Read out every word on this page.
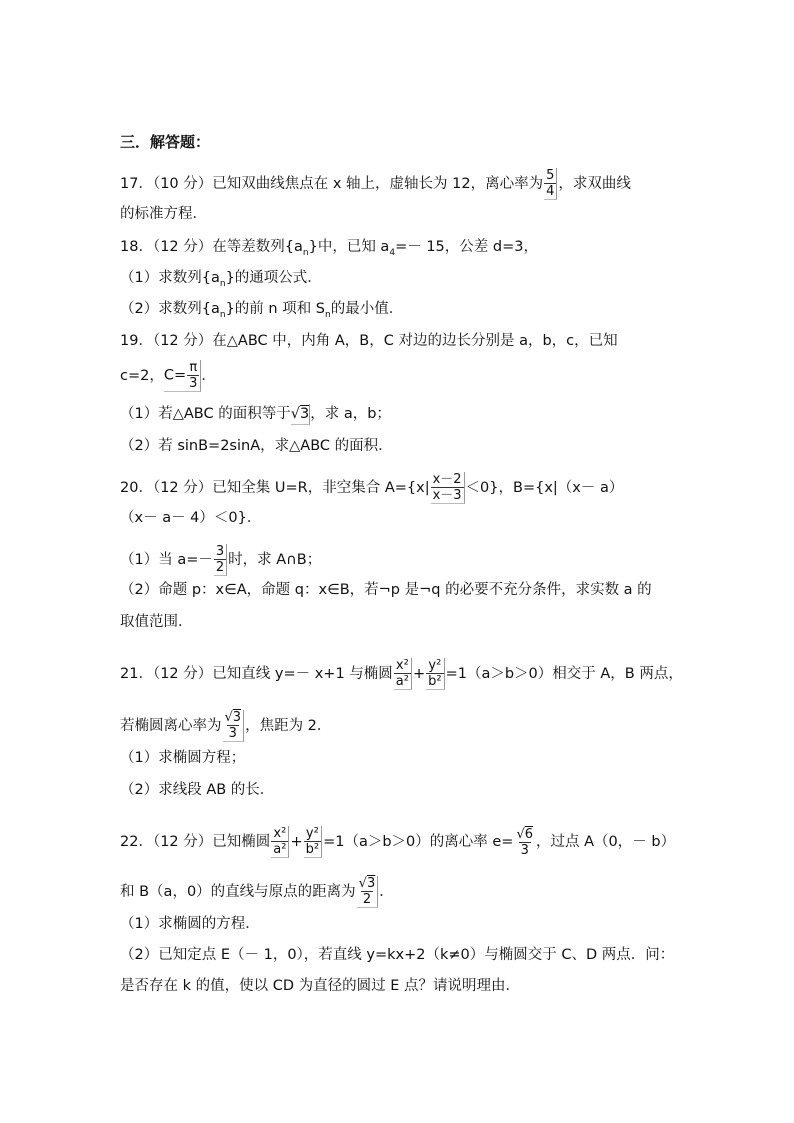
三．解答题：
17．（10 分）已知双曲线焦点在 x 轴上，虚轴长为 12，离心率为 $\frac{5}{4}$ ，求双曲线
的标准方程．
18．（12 分）在等差数列$\{a_n\}$中，已知 $a_4=- 15$，公差 d=3，
（1）求数列$\{a_n\}$的通项公式．
（2）求数列$\{a_n\}$的前 n 项和 $S_n$的最小值．
19．（12 分）在△ABC 中，内角 A，B，C 对边的边长分别是 a，b，c，已知
c=2，$C= \frac{\pi}{3}$ ．
（1）若△ABC 的面积等于√3，求 a，b；
（2）若 sinB=2sinA，求△ABC 的面积．
20．（12 分）已知全集 U=R，非空集合 $A=\{x| \frac{x-2}{x-3} <0\}$，B={x|（x－ a）
（x－ a－ 4）＜0}．
（1）当 $a=- \frac{3}{2}$ 时，求 A∩B；
（2）命题 p：x∈A，命题 q：x∈B，若¬p 是¬q 的必要不充分条件，求实数 a 的
取值范围．
21．（12 分）已知直线 y=－ x+1 与椭圆 $\frac{\text{x²}}{\text{a²}} + \frac{\text{y²}}{\text{b²}} =1(a>b>0)$相交于 A，B 两点，
若椭圆离心率为 $\frac{√3}{3}$ ，焦距为 2．
（1）求椭圆方程；
（2）求线段 AB 的长．
22．（12 分）已知椭圆 $\frac{\text{x²}}{\text{a²}} + \frac{\text{y²}}{\text{b²}} =1(a>b>0)$的离心率 $e= \frac{√6}{3}$ ，过点 A（0，－ b）
和 B（a，0）的直线与原点的距离为 $\frac{√3}{2}$ ．
（1）求椭圆的方程．
（2）已知定点 E（－ 1，0），若直线 y=kx+2（k≠0）与椭圆交于 C、D 两点．问：
是否存在 k 的值，使以 CD 为直径的圆过 E 点？请说明理由．
